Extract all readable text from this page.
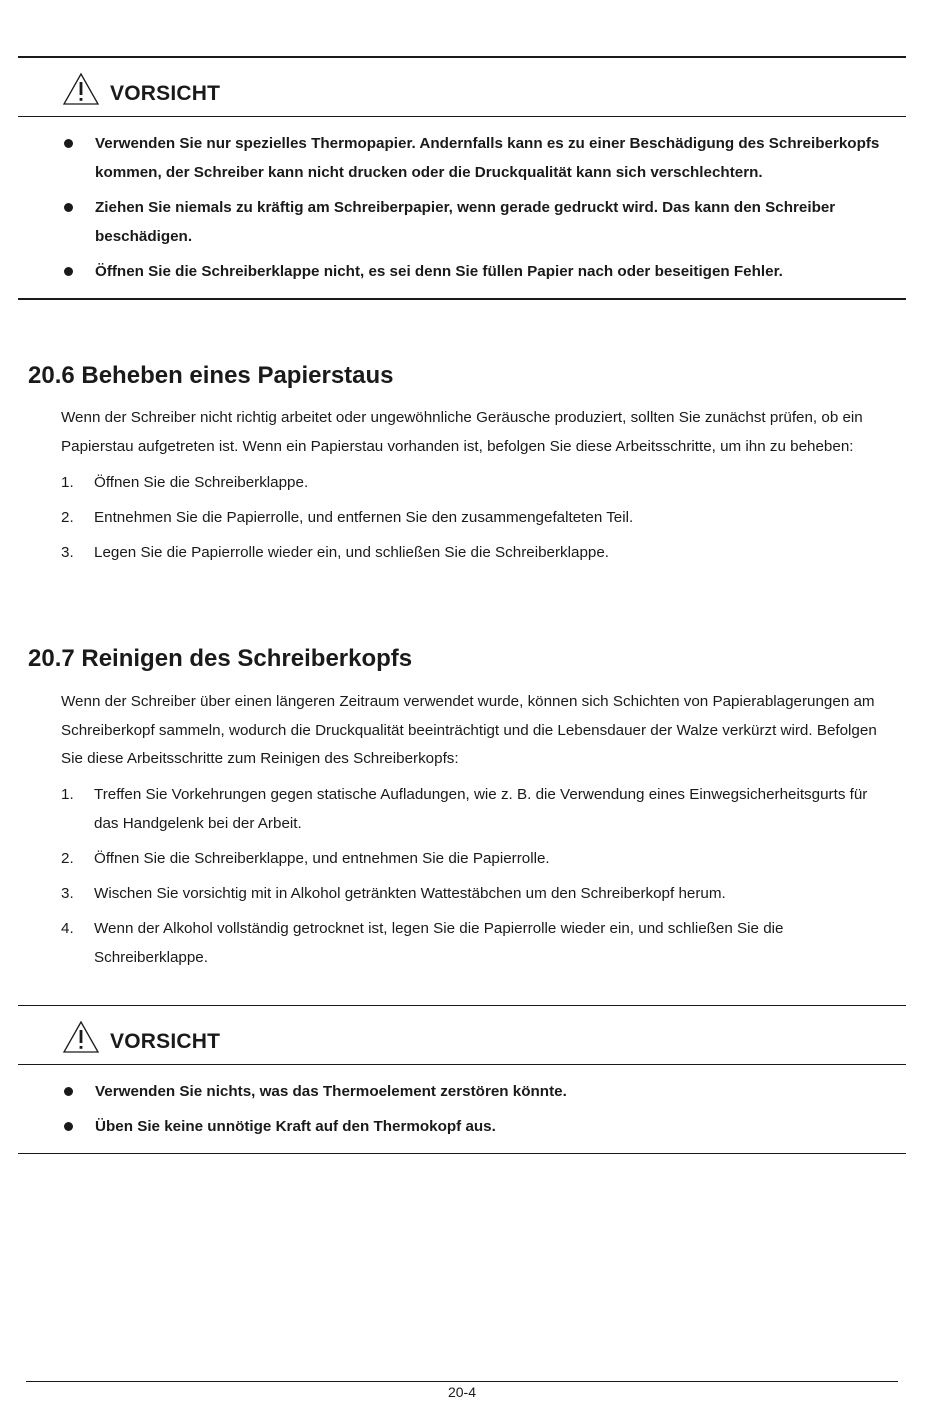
VORSICHT
Verwenden Sie nur spezielles Thermopapier. Andernfalls kann es zu einer Beschädigung des Schreiberkopfs kommen, der Schreiber kann nicht drucken oder die Druckqualität kann sich verschlechtern.
Ziehen Sie niemals zu kräftig am Schreiberpapier, wenn gerade gedruckt wird. Das kann den Schreiber beschädigen.
Öffnen Sie die Schreiberklappe nicht, es sei denn Sie füllen Papier nach oder beseitigen Fehler.
20.6 Beheben eines Papierstaus
Wenn der Schreiber nicht richtig arbeitet oder ungewöhnliche Geräusche produziert, sollten Sie zunächst prüfen, ob ein Papierstau aufgetreten ist. Wenn ein Papierstau vorhanden ist, befolgen Sie diese Arbeitsschritte, um ihn zu beheben:
1. Öffnen Sie die Schreiberklappe.
2. Entnehmen Sie die Papierrolle, und entfernen Sie den zusammengefalteten Teil.
3. Legen Sie die Papierrolle wieder ein, und schließen Sie die Schreiberklappe.
20.7 Reinigen des Schreiberkopfs
Wenn der Schreiber über einen längeren Zeitraum verwendet wurde, können sich Schichten von Papierablagerungen am Schreiberkopf sammeln, wodurch die Druckqualität beeinträchtigt und die Lebensdauer der Walze verkürzt wird. Befolgen Sie diese Arbeitsschritte zum Reinigen des Schreiberkopfs:
1. Treffen Sie Vorkehrungen gegen statische Aufladungen, wie z. B. die Verwendung eines Einwegsicherheitsgurts für das Handgelenk bei der Arbeit.
2. Öffnen Sie die Schreiberklappe, und entnehmen Sie die Papierrolle.
3. Wischen Sie vorsichtig mit in Alkohol getränkten Wattestäbchen um den Schreiberkopf herum.
4. Wenn der Alkohol vollständig getrocknet ist, legen Sie die Papierrolle wieder ein, und schließen Sie die Schreiberklappe.
VORSICHT
Verwenden Sie nichts, was das Thermoelement zerstören könnte.
Üben Sie keine unnötige Kraft auf den Thermokopf aus.
20-4
